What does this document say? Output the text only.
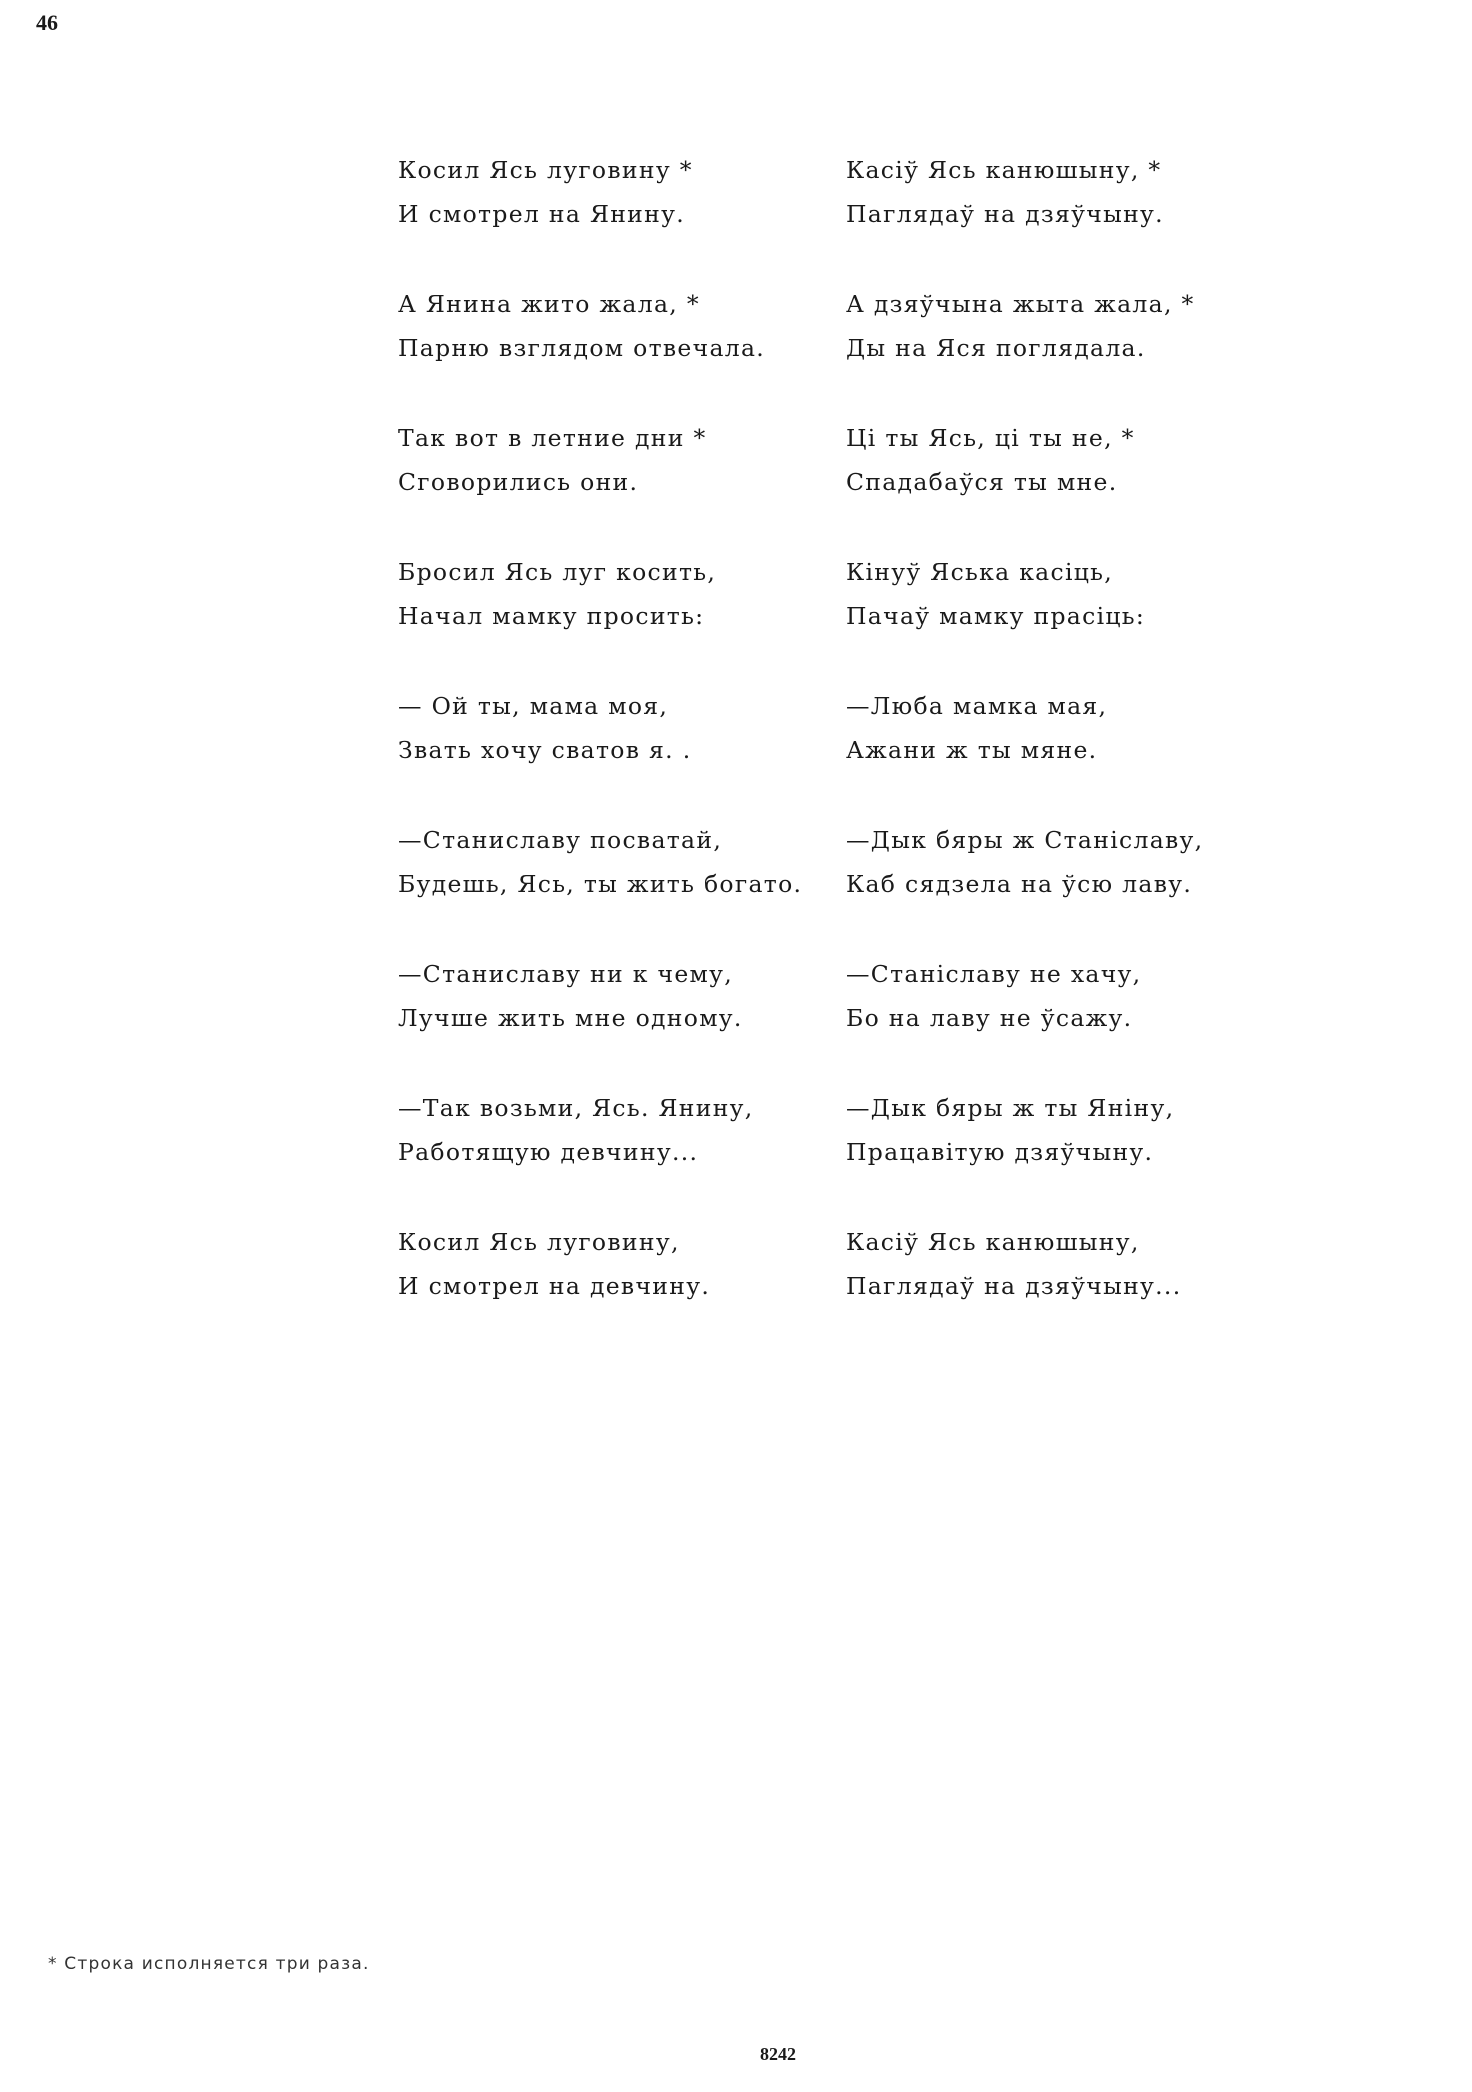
46
Косил Ясь луговину *
И смотрел на Янину.
Касіў Ясь канюшыну, *
Пaглядаў на дзяўчыну.
А Янина жито жала, *
Парню взглядом отвечала.
А дзяўчына жыта жала, *
Ды на Яся поглядала.
Так вот в летние дни *
Сговорились они.
Ці ты Ясь, ці ты не, *
Спадабаўся ты мне.
Бросил Ясь луг косить,
Начал мамку просить:
Кінуў Яська касіць,
Пачаў мамку прасіць:
— Ой ты, мама моя,
Звать хочу сватов я. .
—Люба мамка мая,
Ажани ж ты мяне.
—Станиславу посватай,
Будешь, Ясь, ты жить богато.
—Дык бяры ж Станіславу,
Каб сядзела на ўсю лаву.
—Станиславу ни к чему,
Лучше жить мне одному.
—Станіславу не хачу,
Бо на лаву не ўсажу.
—Так возьми, Ясь. Янину,
Работящую девчину...
—Дык бяры ж ты Яніну,
Працавітую дзяўчыну.
Косил Ясь луговину,
И смотрел на девчину.
Касіў Ясь канюшыну,
Паглядаў на дзяўчыну...
* Строка исполняется три раза.
8242
